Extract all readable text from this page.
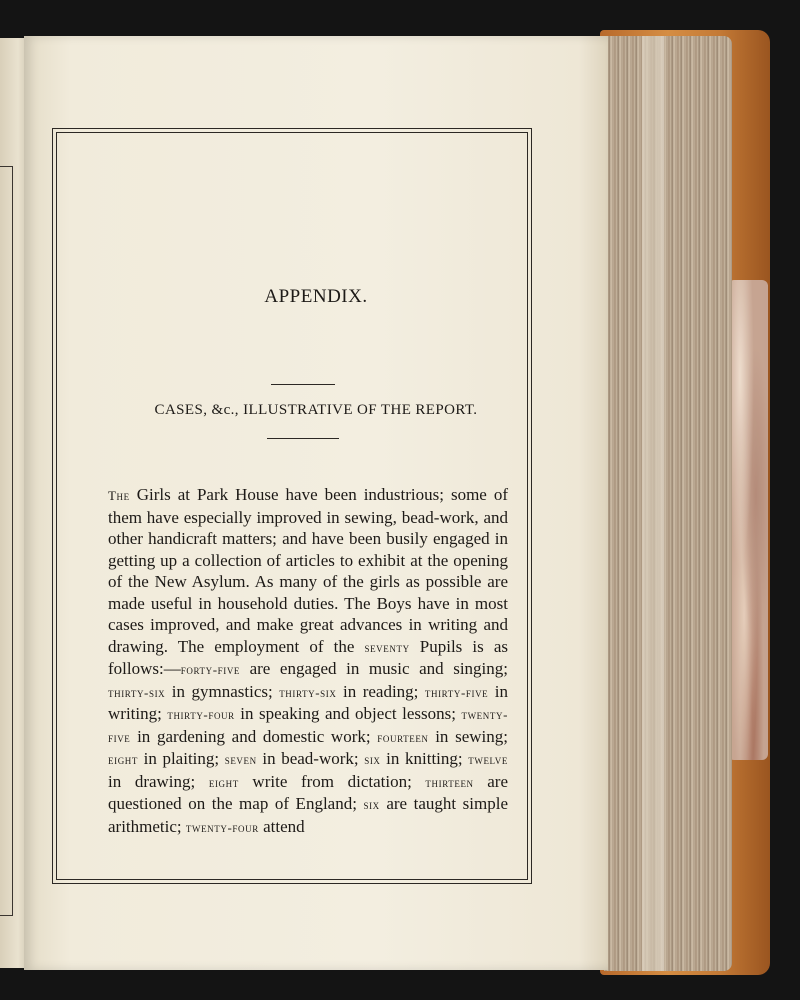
APPENDIX.
CASES, &c., ILLUSTRATIVE OF THE REPORT.
The Girls at Park House have been industrious; some of them have especially improved in sewing, bead-work, and other handicraft matters; and have been busily engaged in getting up a collection of articles to exhibit at the opening of the New Asylum. As many of the girls as possible are made useful in household duties. The Boys have in most cases improved, and make great advances in writing and drawing. The employment of the seventy Pupils is as follows:—forty-five are engaged in music and singing; thirty-six in gymnastics; thirty-six in reading; thirty-five in writing; thirty-four in speaking and object lessons; twenty-five in gardening and domestic work; fourteen in sewing; eight in plaiting; seven in bead-work; six in knitting; twelve in drawing; eight write from dictation; thirteen are questioned on the map of England; six are taught simple arithmetic; twenty-four attend
